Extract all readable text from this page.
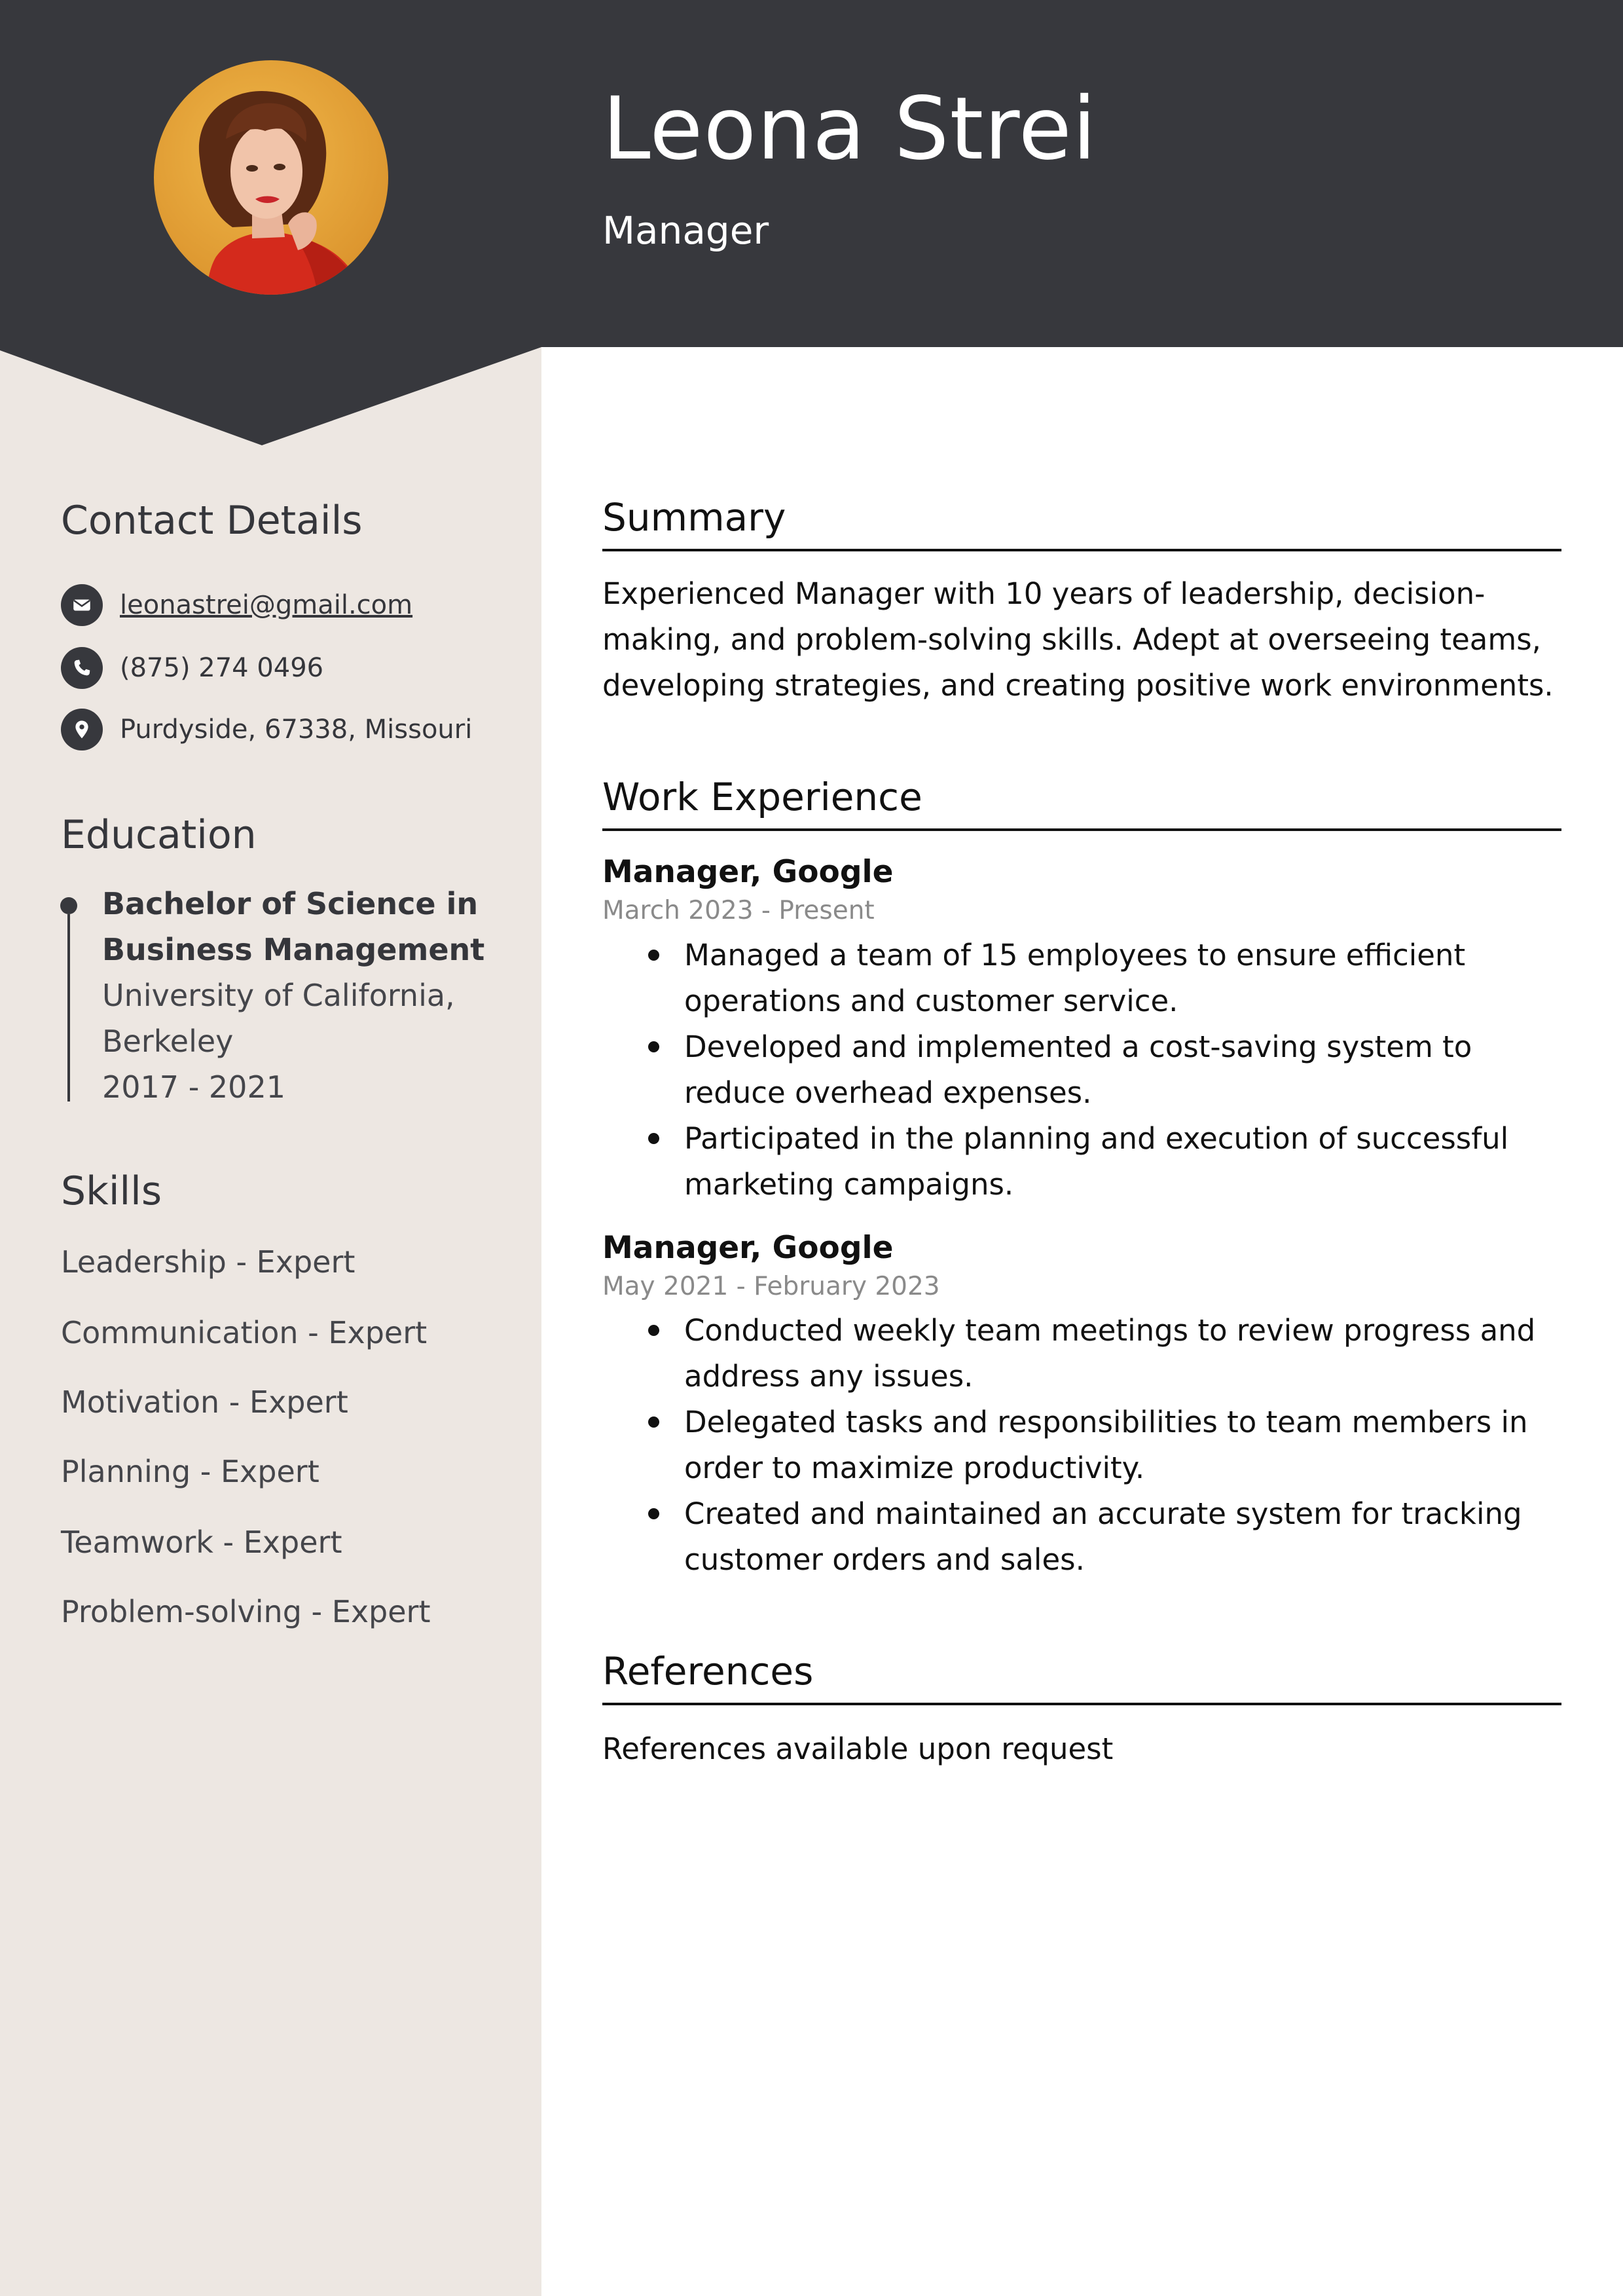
Leona Strei
Manager
Contact Details
leonastrei@gmail.com
(875) 274 0496
Purdyside, 67338, Missouri
Education
Bachelor of Science in Business Management
University of California, Berkeley
2017 - 2021
Skills
Leadership - Expert
Communication - Expert
Motivation - Expert
Planning - Expert
Teamwork - Expert
Problem-solving - Expert
Summary
Experienced Manager with 10 years of leadership, decision-making, and problem-solving skills. Adept at overseeing teams, developing strategies, and creating positive work environments.
Work Experience
Manager, Google
March 2023 - Present
Managed a team of 15 employees to ensure efficient operations and customer service.
Developed and implemented a cost-saving system to reduce overhead expenses.
Participated in the planning and execution of successful marketing campaigns.
Manager, Google
May 2021 - February 2023
Conducted weekly team meetings to review progress and address any issues.
Delegated tasks and responsibilities to team members in order to maximize productivity.
Created and maintained an accurate system for tracking customer orders and sales.
References
References available upon request
